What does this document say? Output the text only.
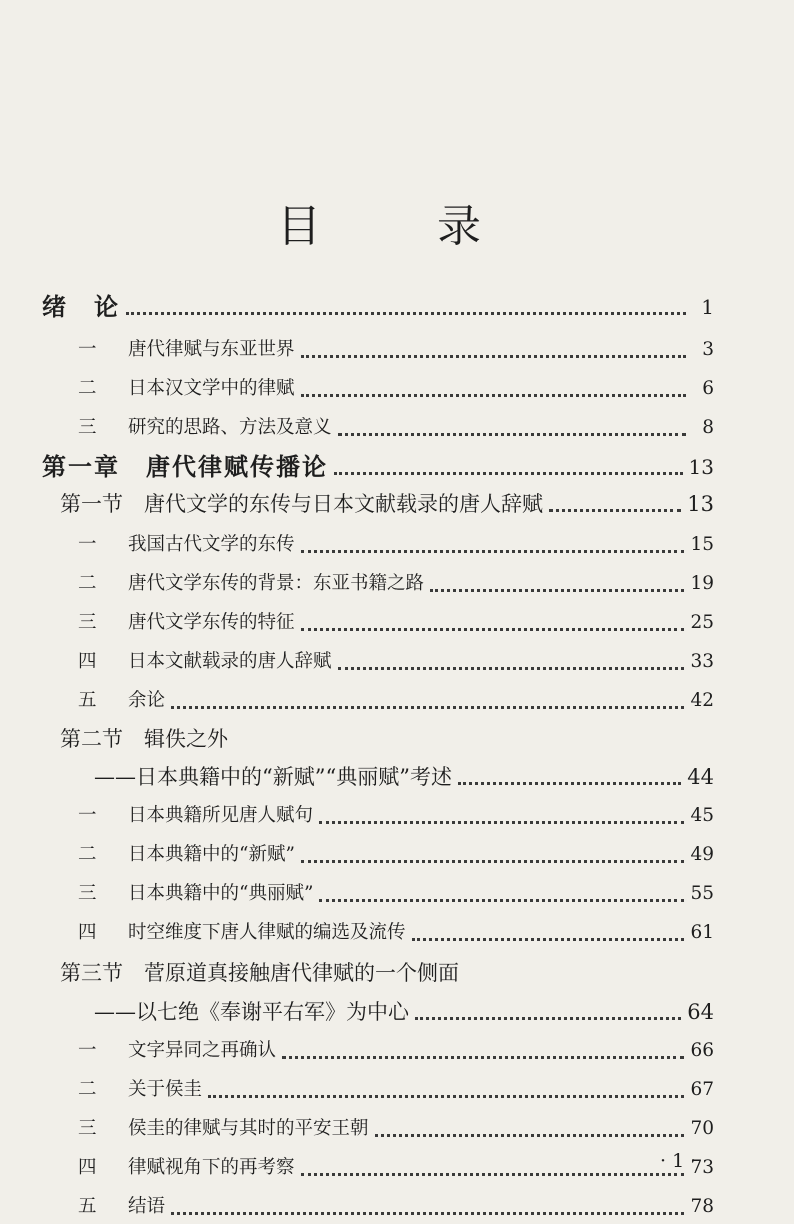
目　录
绪　论	1
一	唐代律赋与东亚世界	3
二	日本汉文学中的律赋	6
三	研究的思路、方法及意义	8
第一章　唐代律赋传播论	13
第一节　唐代文学的东传与日本文献载录的唐人辞赋	13
一	我国古代文学的东传	15
二	唐代文学东传的背景：东亚书籍之路	19
三	唐代文学东传的特征	25
四	日本文献载录的唐人辞赋	33
五	余论	42
第二节　辑佚之外
——日本典籍中的“新赋”“典丽赋”考述	44
一	日本典籍所见唐人赋句	45
二	日本典籍中的“新赋”	49
三	日本典籍中的“典丽赋”	55
四	时空维度下唐人律赋的编选及流传	61
第三节　菅原道真接触唐代律赋的一个侧面
——以七绝《奉谢平右军》为中心	64
一	文字异同之再确认	66
二	关于侯圭	67
三	侯圭的律赋与其时的平安王朝	70
四	律赋视角下的再考察	73
五	结语	78
· 1 ·
